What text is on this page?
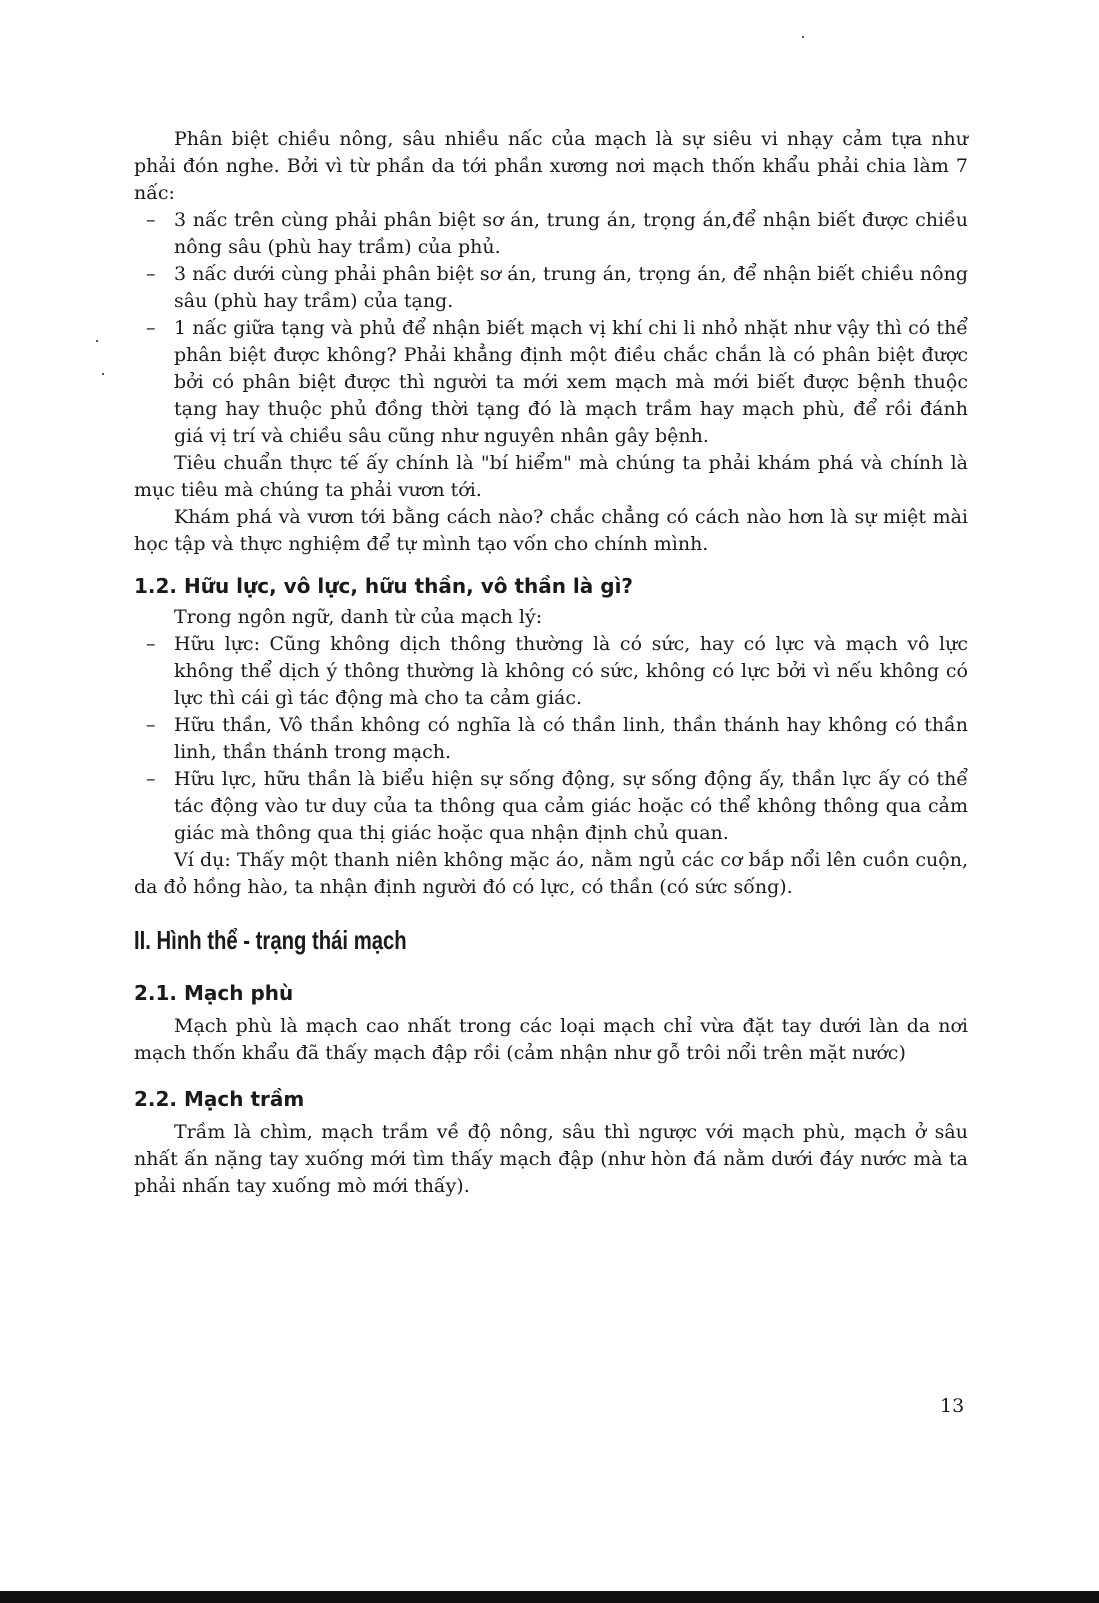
Phân biệt chiều nông, sâu nhiều nấc của mạch là sự siêu vi nhạy cảm tựa như phải đón nghe. Bởi vì từ phần da tới phần xương nơi mạch thốn khẩu phải chia làm 7 nấc:

– 3 nấc trên cùng phải phân biệt sơ án, trung án, trọng án,để nhận biết được chiều nông sâu (phù hay trầm) của phủ.
– 3 nấc dưới cùng phải phân biệt sơ án, trung án, trọng án, để nhận biết chiều nông sâu (phù hay trầm) của tạng.
– 1 nấc giữa tạng và phủ để nhận biết mạch vị khí chi li nhỏ nhặt như vậy thì có thể phân biệt được không? Phải khẳng định một điều chắc chắn là có phân biệt được bởi có phân biệt được thì người ta mới xem mạch mà mới biết được bệnh thuộc tạng hay thuộc phủ đồng thời tạng đó là mạch trầm hay mạch phù, để rồi đánh giá vị trí và chiều sâu cũng như nguyên nhân gây bệnh.

Tiêu chuẩn thực tế ấy chính là "bí hiểm" mà chúng ta phải khám phá và chính là mục tiêu mà chúng ta phải vươn tới.

Khám phá và vươn tới bằng cách nào? chắc chẳng có cách nào hơn là sự miệt mài học tập và thực nghiệm để tự mình tạo vốn cho chính mình.

1.2. Hữu lực, vô lực, hữu thần, vô thần là gì?

Trong ngôn ngữ, danh từ của mạch lý:

– Hữu lực: Cũng không dịch thông thường là có sức, hay có lực và mạch vô lực không thể dịch ý thông thường là không có sức, không có lực bởi vì nếu không có lực thì cái gì tác động mà cho ta cảm giác.
– Hữu thần, Vô thần không có nghĩa là có thần linh, thần thánh hay không có thần linh, thần thánh trong mạch.
– Hữu lực, hữu thần là biểu hiện sự sống động, sự sống động ấy, thần lực ấy có thể tác động vào tư duy của ta thông qua cảm giác hoặc có thể không thông qua cảm giác mà thông qua thị giác hoặc qua nhận định chủ quan.

Ví dụ: Thấy một thanh niên không mặc áo, nằm ngủ các cơ bắp nổi lên cuồn cuộn, da đỏ hồng hào, ta nhận định người đó có lực, có thần (có sức sống).

II. Hình thể - trạng thái mạch
2.1. Mạch phù

Mạch phù là mạch cao nhất trong các loại mạch chỉ vừa đặt tay dưới làn da nơi mạch thốn khẩu đã thấy mạch đập rồi (cảm nhận như gỗ trôi nổi trên mặt nước)

2.2. Mạch trầm

Trầm là chìm, mạch trầm về độ nông, sâu thì ngược với mạch phù, mạch ở sâu nhất ấn nặng tay xuống mới tìm thấy mạch đập (như hòn đá nằm dưới đáy nước mà ta phải nhấn tay xuống mò mới thấy).

13
